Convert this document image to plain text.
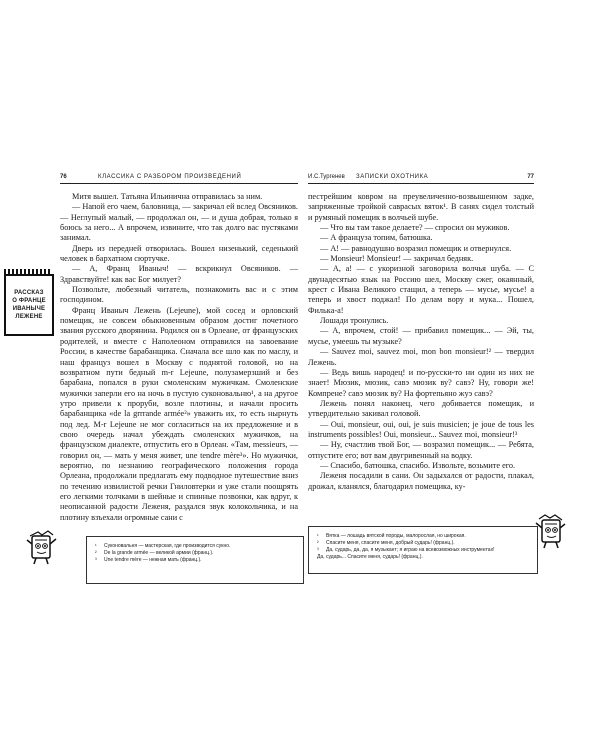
76	КЛАССИКА С РАЗБОРОМ ПРОИЗВЕДЕНИЙ

Митя вышел. Татьяна Ильинична отправилась за ним.

— Напой его чаем, баловница, — закричал ей вслед Овсяников. — Неглупый малый, — продолжал он, — и душа добрая, только я боюсь за него... А впрочем, извините, что так долго вас пустяками занимал.

Дверь из передней отворилась. Вошел низенький, седенький человек в бархатном сюртучке.

— А, Франц Иваныч! — вскрикнул Овсяников. — Здравствуйте! как вас Бог милует?

Позвольте, любезный читатель, познакомить вас и с этим господином.

Франц Иваныч Лежень (Lejeune), мой сосед и орловский помещик, не совсем обыкновенным образом достиг почетного звания русского дворянина. Родился он в Орлеане, от французских родителей, и вместе с Наполеоном отправился на завоевание России, в качестве барабанщика. Сначала все шло как по маслу, и наш француз вошел в Москву с поднятой головой, но на возвратном пути бедный m-r Lejeune, полузамерзший и без барабана, попался в руки смоленским мужичкам. Смоленские мужички заперли его на ночь в пустую суконовальню¹, а на другое утро привели к проруби, возле плотины, и начали просить барабанщика «de la grrrande armée²» уважить их, то есть нырнуть под лед. M-r Lejeune не мог согласиться на их предложение и в свою очередь начал убеждать смоленских мужичков, на французском диалекте, отпустить его в Орлеан. «Там, messieurs, — говорил он, — мать у меня живет, une tendre mère³». Но мужички, вероятно, по незнанию географического положения города Орлеана, продолжали предлагать ему подводное путешествие вниз по течению извилистой речки Гниловтерки и уже стали поощрять его легкими толчками в шейные и спинные позвонки, как вдруг, к неописанной радости Леженя, раздался звук колокольчика, и на плотину взъехали огромные сани с

РАССКАЗ
О ФРАНЦЕ
ИВАНЫЧЕ
ЛЕЖЕНЕ

¹ Суконовальня — мастерская, где производится сукно.

² De la grande armée — великой армии (франц.).

³ Une tendre mère — нежная мать (франц.).

И.С.Тургенев ЗАПИСКИ ОХОТНИКА	77

пестрейшим ковром на преувеличенно-возвышенном задке, запряженные тройкой саврасых вяток¹. В санях сидел толстый и румяный помещик в волчьей шубе.

— Что вы там такое делаете? — спросил он мужиков.

— А француза топим, батюшка.

— А! — равнодушно возразил помещик и отвернулся.

— Monsieur! Monsieur! — закричал бедняк.

— А, а! — с укоризной заговорила волчья шуба. — С двунадесятью язык на Россию шел, Москву сжег, окаянный, крест с Ивана Великого стащил, а теперь — мусье, мусье! а теперь и хвост поджал! По делам вору и мука... Пошел, Филька-а!

Лошади тронулись.

— А, впрочем, стой! — прибавил помещик... — Эй, ты, мусье, умеешь ты музыке?

— Sauvez moi, sauvez moi, mon bon monsieur!² — твердил Лежень.

— Ведь вишь народец! и по-русски-то ни один из них не знает! Мюзик, мюзик, савэ мюзик ву? савэ? Ну, говори же! Компрене? савэ мюзик ву? На фортепьяно жуэ савэ?

Лежень понял наконец, чего добивается помещик, и утвердительно закивал головой.

— Oui, monsieur, oui, oui, je suis musicien; je joue de tous les instruments possibles! Oui, monsieur... Sauvez moi, monsieur!³

— Ну, счастлив твой Бог, — возразил помещик... — Ребята, отпустите его; вот вам двугривенный на водку.

— Спасибо, батюшка, спасибо. Извольте, возьмите его.

Леженя посадили в сани. Он задыхался от радости, плакал, дрожал, кланялся, благодарил помещика, ку-

¹ Вятка — лошадь вятской породы, малорослая, но широкая.

² Спасите меня, спасите меня, добрый сударь! (франц.).

³ Да, сударь, да, да, я музыкант; я играю на всевозможных инструментах!

Да, сударь... Спасите меня, сударь! (франц.).
